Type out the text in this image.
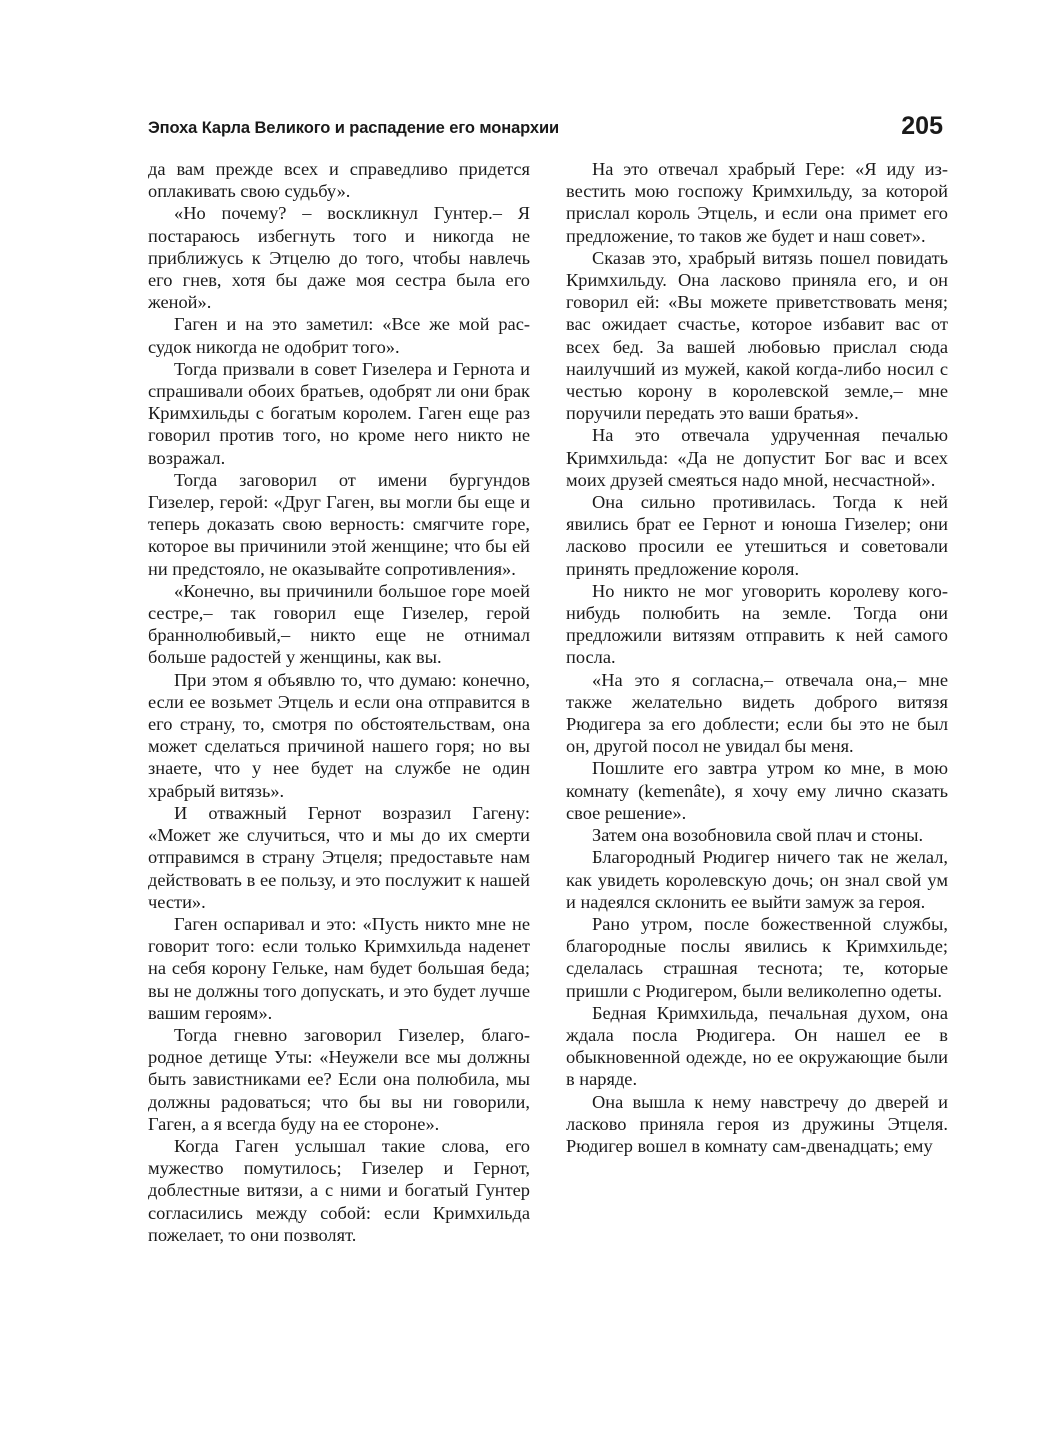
Эпоха Карла Великого и распадение его монархии	205

да вам прежде всех и справедливо придется оплакивать свою судьбу».

«Но почему? – воскликнул Гунтер.– Я постараюсь избегнуть того и никогда не приближусь к Этцелю до того, чтобы навлечь его гнев, хотя бы даже моя сестра была его женой».

Гаген и на это заметил: «Все же мой рассудок никогда не одобрит того».

Тогда призвали в совет Гизелера и Гернота и спрашивали обоих братьев, одобрят ли они брак Кримхильды с богатым королем. Гаген еще раз говорил против того, но кроме него никто не возражал.

Тогда заговорил от имени бургундов Гизелер, герой: «Друг Гаген, вы могли бы еще и теперь доказать свою верность: смягчите горе, которое вы причинили этой женщине; что бы ей ни предстояло, не оказывайте сопротивления».

«Конечно, вы причинили большое горе моей сестре,– так говорил еще Гизелер, герой браннолюбивый,– никто еще не отнимал больше радостей у женщины, как вы.

При этом я объявлю то, что думаю: конечно, если ее возьмет Этцель и если она отправится в его страну, то, смотря по обстоятельствам, она может сделаться причиной нашего горя; но вы знаете, что у нее будет на службе не один храбрый витязь».

И отважный Гернот возразил Гагену: «Может же случиться, что и мы до их смерти отправимся в страну Этцеля; предоставьте нам действовать в ее пользу, и это послужит к нашей чести».

Гаген оспаривал и это: «Пусть никто мне не говорит того: если только Кримхильда наденет на себя корону Гельке, нам будет большая беда; вы не должны того допускать, и это будет лучше вашим героям».

Тогда гневно заговорил Гизелер, благородное детище Уты: «Неужели все мы должны быть завистниками ее? Если она полюбила, мы должны радоваться; что бы вы ни говорили, Гаген, а я всегда буду на ее стороне».

Когда Гаген услышал такие слова, его мужество помутилось; Гизелер и Гернот, доблестные витязи, а с ними и богатый Гунтер согласились между собой: если Кримхильда пожелает, то они позволят.

На это отвечал храбрый Гере: «Я иду известить мою госпожу Кримхильду, за которой прислал король Этцель, и если она примет его предложение, то таков же будет и наш совет».

Сказав это, храбрый витязь пошел повидать Кримхильду. Она ласково приняла его, и он говорил ей: «Вы можете приветствовать меня; вас ожидает счастье, которое избавит вас от всех бед. За вашей любовью прислал сюда наилучший из мужей, какой когда-либо носил с честью корону в королевской земле,– мне поручили передать это ваши братья».

На это отвечала удрученная печалью Кримхильда: «Да не допустит Бог вас и всех моих друзей смеяться надо мной, несчастной».

Она сильно противилась. Тогда к ней явились брат ее Гернот и юноша Гизелер; они ласково просили ее утешиться и советовали принять предложение короля.

Но никто не мог уговорить королеву кого-нибудь полюбить на земле. Тогда они предложили витязям отправить к ней самого посла.

«На это я согласна,– отвечала она,– мне также желательно видеть доброго витязя Рюдигера за его доблести; если бы это не был он, другой посол не увидал бы меня.

Пошлите его завтра утром ко мне, в мою комнату (kemenâte), я хочу ему лично сказать свое решение».

Затем она возобновила свой плач и стоны.

Благородный Рюдигер ничего так не желал, как увидеть королевскую дочь; он знал свой ум и надеялся склонить ее выйти замуж за героя.

Рано утром, после божественной службы, благородные послы явились к Кримхильде; сделалась страшная теснота; те, которые пришли с Рюдигером, были великолепно одеты.

Бедная Кримхильда, печальная духом, она ждала посла Рюдигера. Он нашел ее в обыкновенной одежде, но ее окружающие были в наряде.

Она вышла к нему навстречу до дверей и ласково приняла героя из дружины Этцеля. Рюдигер вошел в комнату сам-двенадцать; ему
